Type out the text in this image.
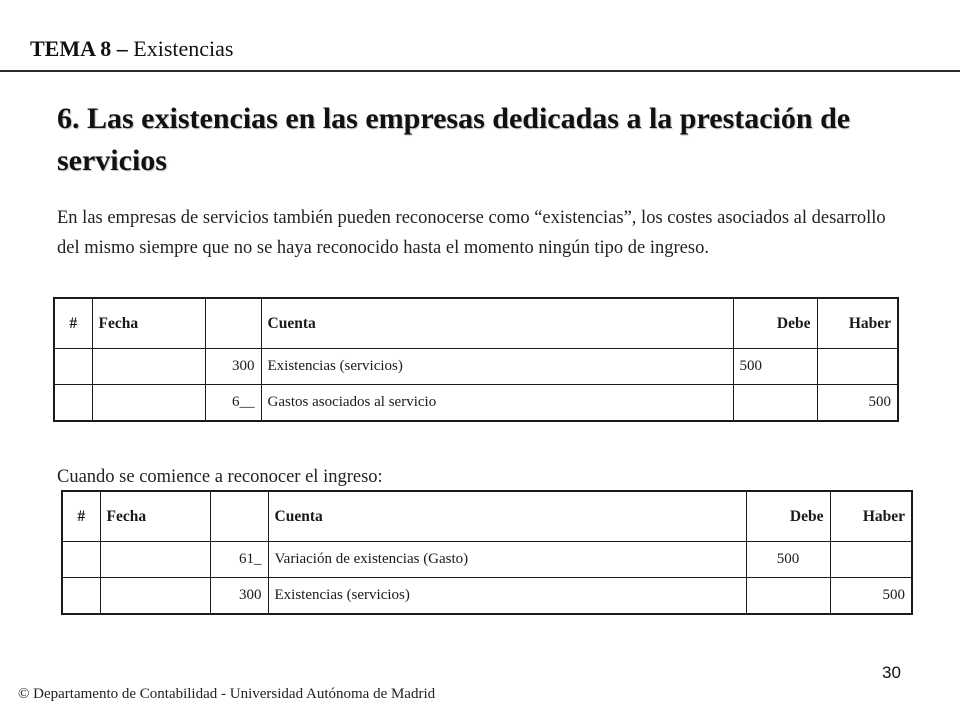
TEMA 8 – Existencias
6. Las existencias en las empresas dedicadas a la prestación de servicios
En las empresas de servicios también pueden reconocerse como “existencias”, los costes asociados al desarrollo del mismo siempre que no se haya reconocido hasta el momento ningún tipo de ingreso.
#	Fecha		Cuenta	Debe	Haber
		300	Existencias (servicios)	500	
		6__	Gastos asociados al servicio		500
Cuando se comience a reconocer el ingreso:
#	Fecha		Cuenta	Debe	Haber
		61_	Variación de existencias (Gasto)	500	
		300	Existencias (servicios)		500
30
© Departamento de Contabilidad - Universidad Autónoma de Madrid
